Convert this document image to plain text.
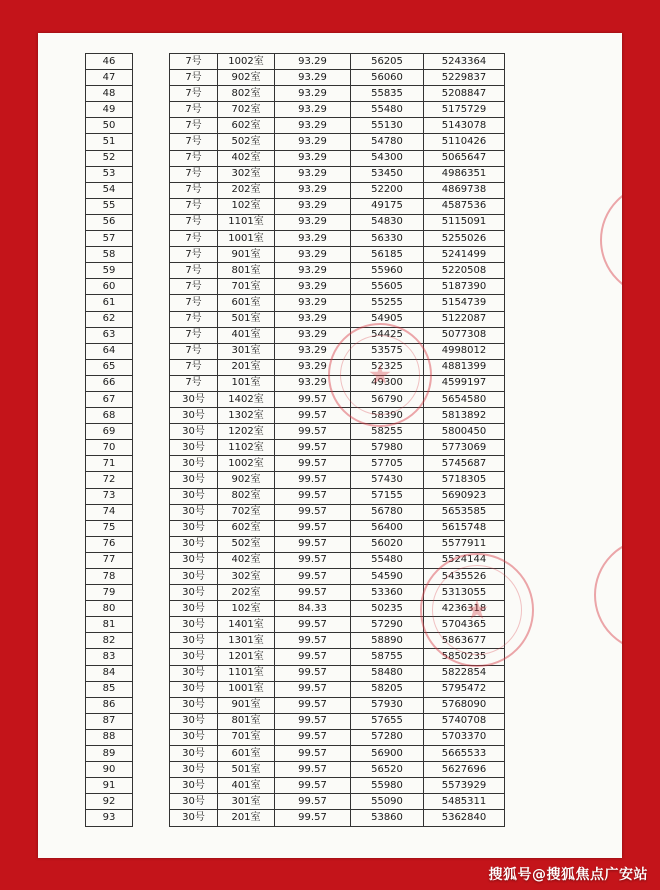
46		7号	1002室	93.29	56205	5243364
47		7号	902室	93.29	56060	5229837
48		7号	802室	93.29	55835	5208847
49		7号	702室	93.29	55480	5175729
50		7号	602室	93.29	55130	5143078
51		7号	502室	93.29	54780	5110426
52		7号	402室	93.29	54300	5065647
53		7号	302室	93.29	53450	4986351
54		7号	202室	93.29	52200	4869738
55		7号	102室	93.29	49175	4587536
56		7号	1101室	93.29	54830	5115091
57		7号	1001室	93.29	56330	5255026
58		7号	901室	93.29	56185	5241499
59		7号	801室	93.29	55960	5220508
60		7号	701室	93.29	55605	5187390
61		7号	601室	93.29	55255	5154739
62		7号	501室	93.29	54905	5122087
63		7号	401室	93.29	54425	5077308
64		7号	301室	93.29	53575	4998012
65		7号	201室	93.29	52325	4881399
66		7号	101室	93.29	49300	4599197
67		30号	1402室	99.57	56790	5654580
68		30号	1302室	99.57	58390	5813892
69		30号	1202室	99.57	58255	5800450
70		30号	1102室	99.57	57980	5773069
71		30号	1002室	99.57	57705	5745687
72		30号	902室	99.57	57430	5718305
73		30号	802室	99.57	57155	5690923
74		30号	702室	99.57	56780	5653585
75		30号	602室	99.57	56400	5615748
76		30号	502室	99.57	56020	5577911
77		30号	402室	99.57	55480	5524144
78		30号	302室	99.57	54590	5435526
79		30号	202室	99.57	53360	5313055
80		30号	102室	84.33	50235	4236318
81		30号	1401室	99.57	57290	5704365
82		30号	1301室	99.57	58890	5863677
83		30号	1201室	99.57	58755	5850235
84		30号	1101室	99.57	58480	5822854
85		30号	1001室	99.57	58205	5795472
86		30号	901室	99.57	57930	5768090
87		30号	801室	99.57	57655	5740708
88		30号	701室	99.57	57280	5703370
89		30号	601室	99.57	56900	5665533
90		30号	501室	99.57	56520	5627696
91		30号	401室	99.57	55980	5573929
92		30号	301室	99.57	55090	5485311
93		30号	201室	99.57	53860	5362840
搜狐号@搜狐焦点广安站
